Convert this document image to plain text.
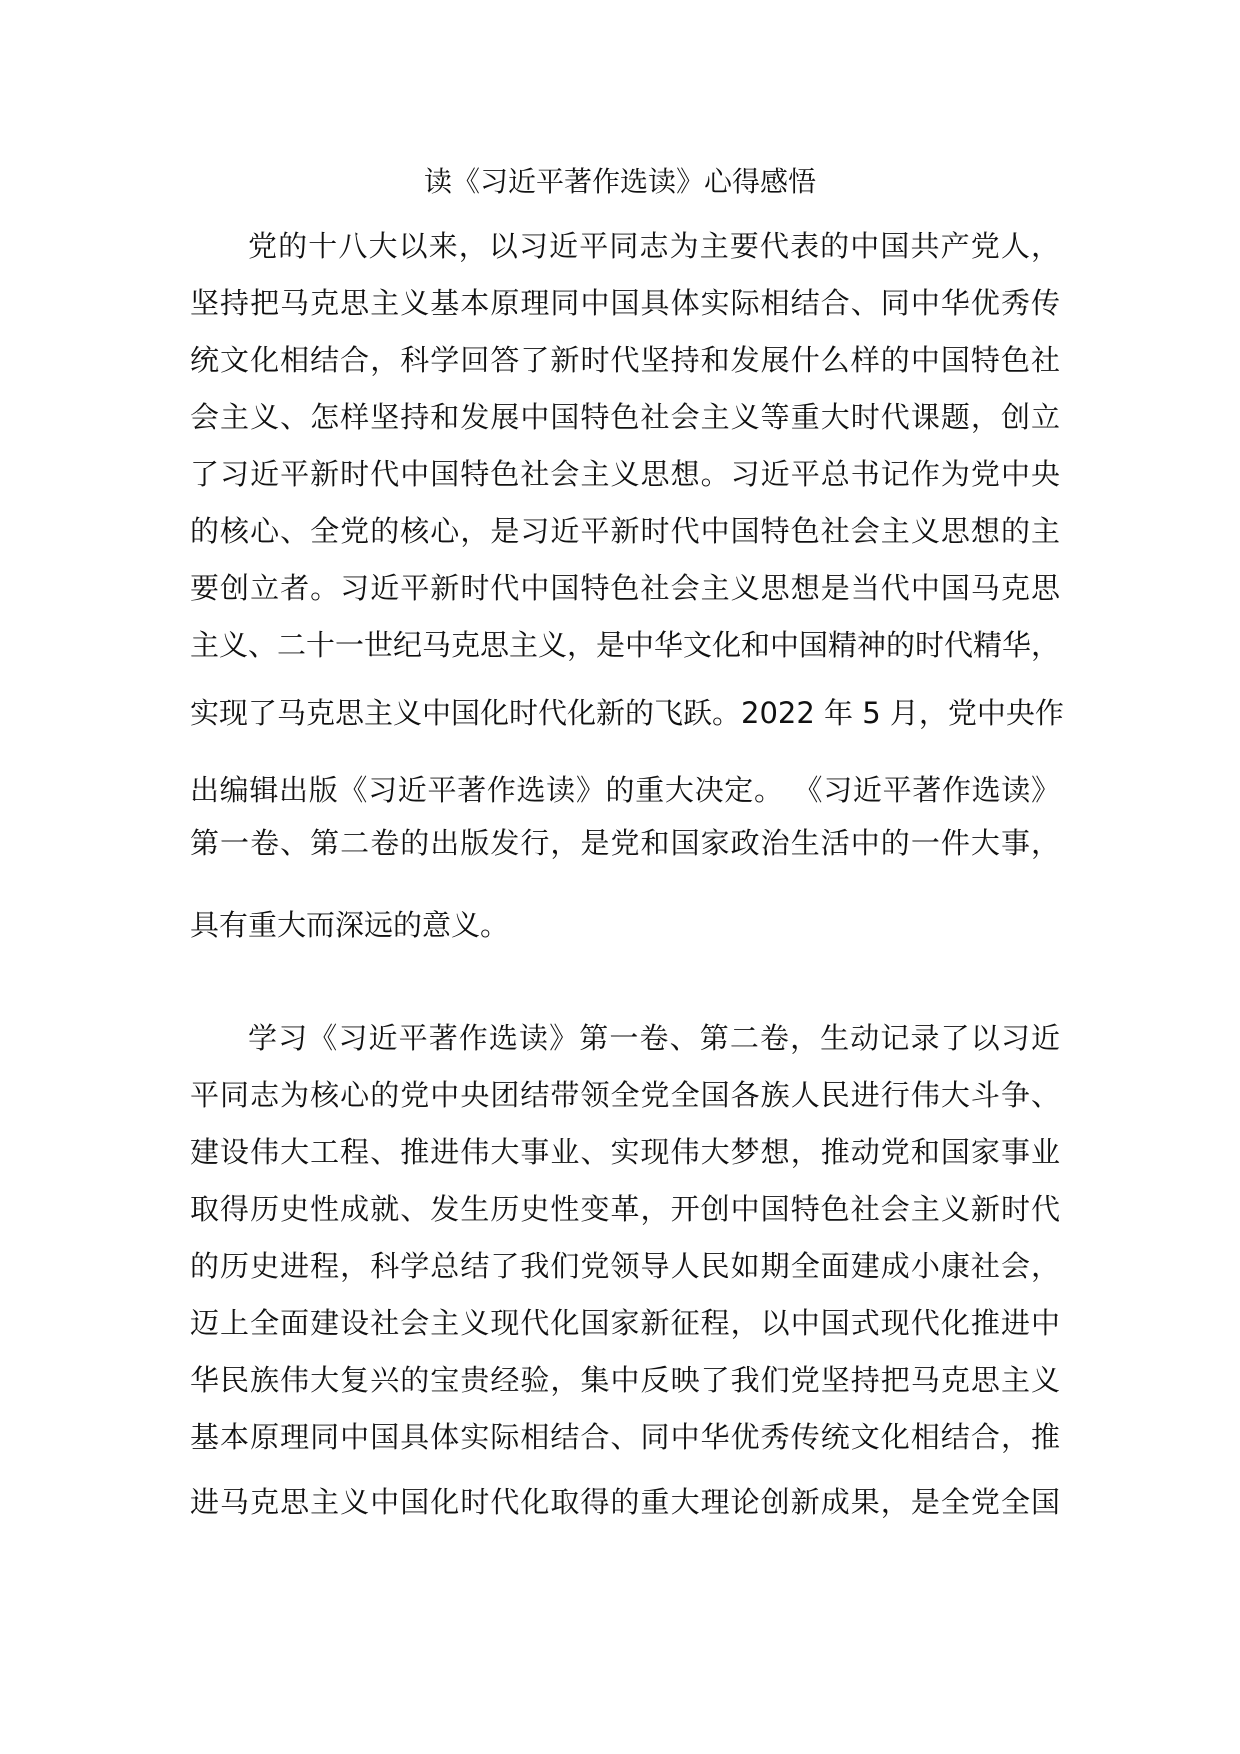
读《习近平著作选读》心得感悟
党的十八大以来，以习近平同志为主要代表的中国共产党人，
坚持把马克思主义基本原理同中国具体实际相结合、同中华优秀传
统文化相结合，科学回答了新时代坚持和发展什么样的中国特色社
会主义、怎样坚持和发展中国特色社会主义等重大时代课题，创立
了习近平新时代中国特色社会主义思想。习近平总书记作为党中央
的核心、全党的核心，是习近平新时代中国特色社会主义思想的主
要创立者。习近平新时代中国特色社会主义思想是当代中国马克思
主义、二十一世纪马克思主义，是中华文化和中国精神的时代精华，
实现了马克思主义中国化时代化新的飞跃。2022 年 5 月，党中央作
出编辑出版《习近平著作选读》的重大决定。 《习近平著作选读》
第一卷、第二卷的出版发行，是党和国家政治生活中的一件大事，
具有重大而深远的意义。
学习《习近平著作选读》第一卷、第二卷，生动记录了以习近
平同志为核心的党中央团结带领全党全国各族人民进行伟大斗争、
建设伟大工程、推进伟大事业、实现伟大梦想，推动党和国家事业
取得历史性成就、发生历史性变革，开创中国特色社会主义新时代
的历史进程，科学总结了我们党领导人民如期全面建成小康社会，
迈上全面建设社会主义现代化国家新征程，以中国式现代化推进中
华民族伟大复兴的宝贵经验，集中反映了我们党坚持把马克思主义
基本原理同中国具体实际相结合、同中华优秀传统文化相结合，推
进马克思主义中国化时代化取得的重大理论创新成果，是全党全国
